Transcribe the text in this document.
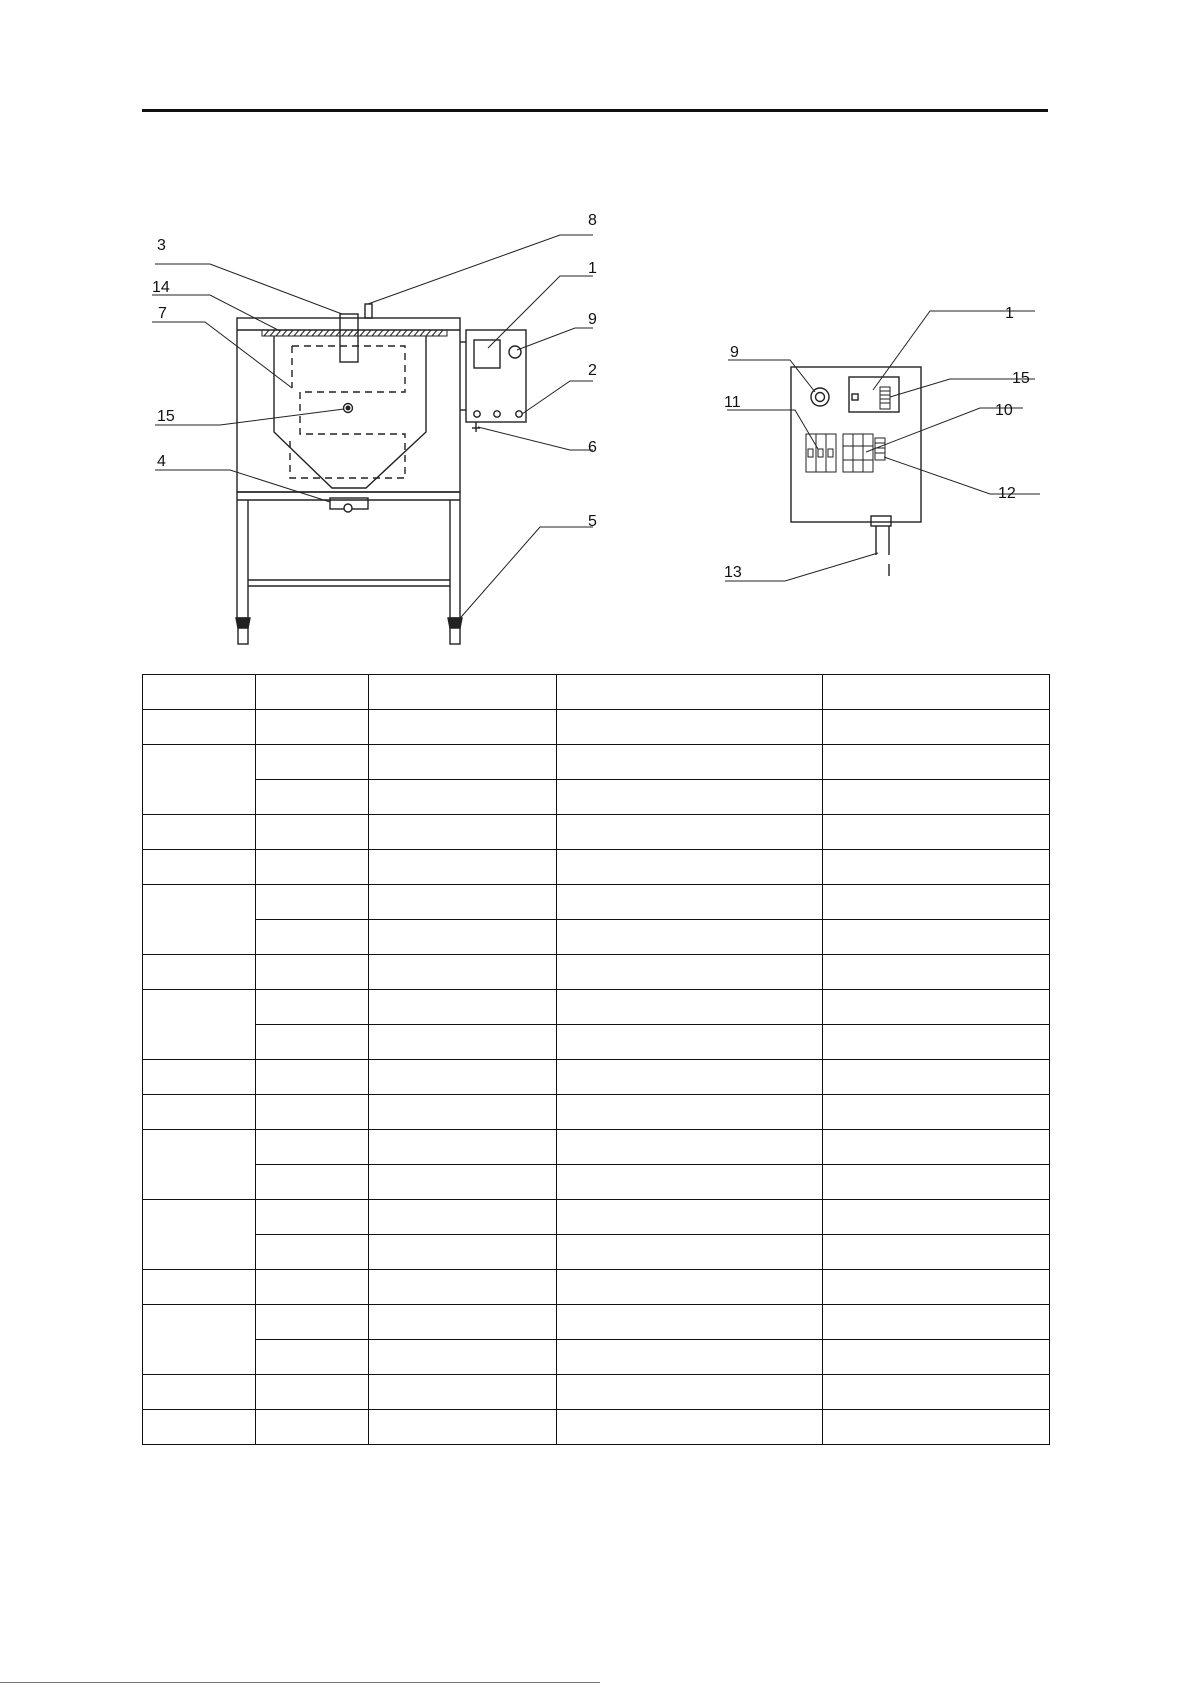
3
14
7
15
4
8
1
9
2
6
5
1
9
15
11	10
12
13
